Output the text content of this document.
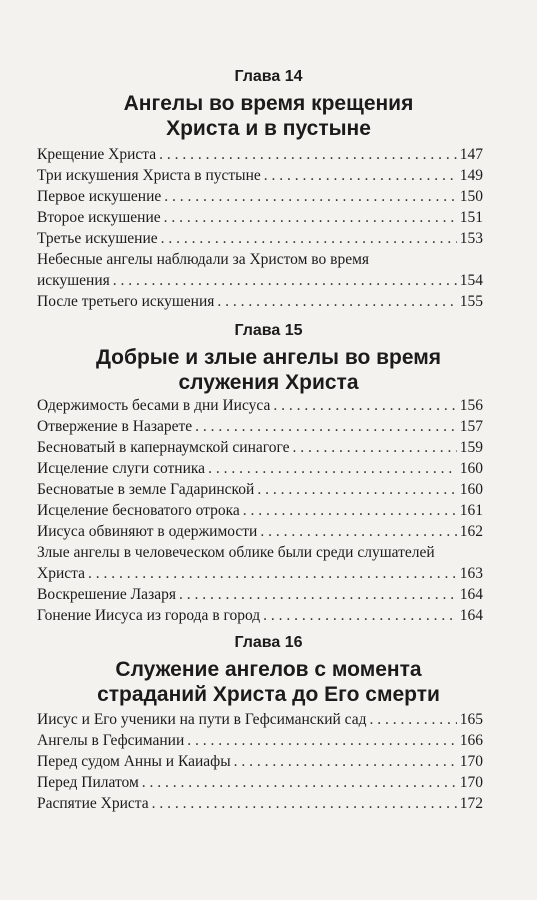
Глава 14
Ангелы во время крещения
Христа и в пустыне
Крещение Христа . . .	147
Три искушения Христа в пустыне . . .	149
Первое искушение . . .	150
Второе искушение . . .	151
Третье искушение . . .	153
Небесные ангелы наблюдали за Христом во время
искушения . . .	154
После третьего искушения . . .	155
Глава 15
Добрые и злые ангелы во время
служения Христа
Одержимость бесами в дни Иисуса . . .	156
Отвержение в Назарете . . .	157
Бесноватый в капернаумской синагоге . . .	159
Исцеление слуги сотника . . .	160
Бесноватые в земле Гадаринской . . .	160
Исцеление бесноватого отрока . . .	161
Иисуса обвиняют в одержимости . . .	162
Злые ангелы в человеческом облике были среди слушателей
Христа . . .	163
Воскрешение Лазаря . . .	164
Гонение Иисуса из города в город . . .	164
Глава 16
Служение ангелов с момента
страданий Христа до Его смерти
Иисус и Его ученики на пути в Гефсиманский сад . . .	165
Ангелы в Гефсимании . . .	166
Перед судом Анны и Каиафы . . .	170
Перед Пилатом . . .	170
Распятие Христа . . .	172
